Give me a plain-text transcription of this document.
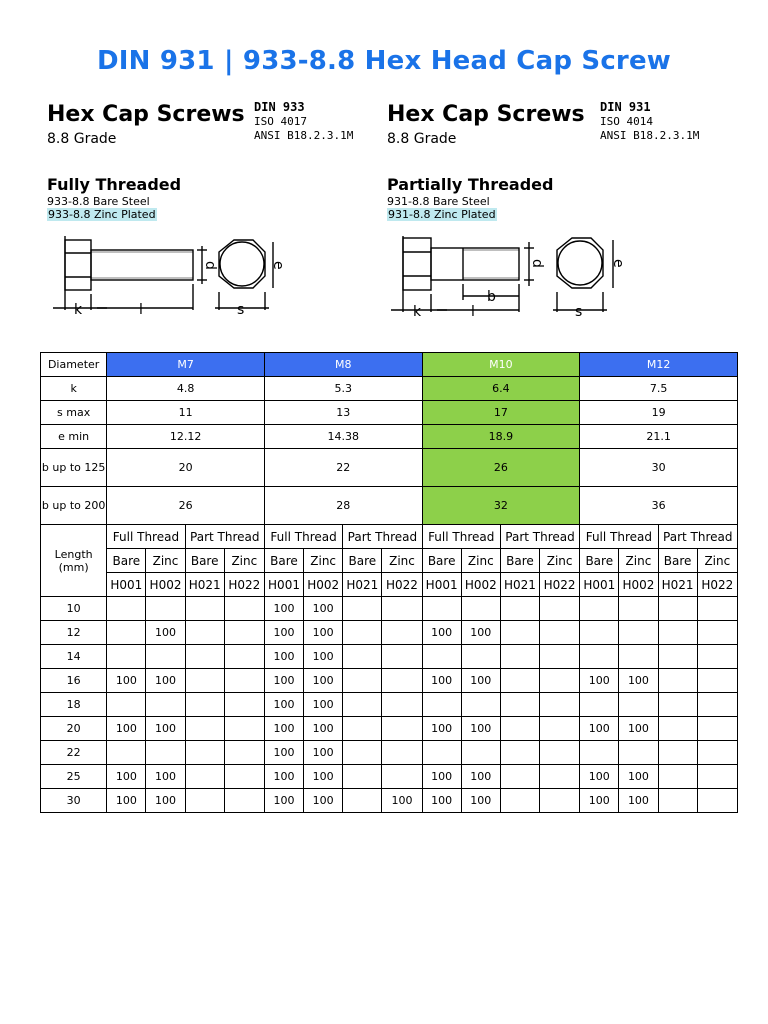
DIN 931 | 933-8.8 Hex Head Cap Screw
Hex Cap Screws
8.8 Grade
DIN 933
ISO 4017
ANSI B18.2.3.1M
Fully Threaded
933-8.8 Bare Steel
933-8.8 Zinc Plated
k	l
d
s
e
Hex Cap Screws
8.8 Grade
DIN 931
ISO 4014
ANSI B18.2.3.1M
Partially Threaded
931-8.8 Bare Steel
931-8.8 Zinc Plated
k	l
b
d
s
e
Diameter	M7				M8				M10				M12			
k	4.8				5.3				6.4				7.5			
s max	11				13				17				19			
e min	12.12				14.38				18.9				21.1			
b up to 125	20				22				26				30			
b up to 200	26				28				32				36			
Length (mm)	Full Thread		Part Thread		Full Thread		Part Thread		Full Thread		Part Thread		Full Thread		Part Thread	
	Bare	Zinc	Bare	Zinc	Bare	Zinc	Bare	Zinc	Bare	Zinc	Bare	Zinc	Bare	Zinc	Bare	Zinc
	H001	H002	H021	H022	H001	H002	H021	H022	H001	H002	H021	H022	H001	H002	H021	H022
10					100	100										
12		100			100	100			100	100						
14					100	100										
16	100	100			100	100			100	100			100	100		
18					100	100										
20	100	100			100	100			100	100			100	100		
22					100	100										
25	100	100			100	100			100	100			100	100		
30	100	100			100	100		100	100	100			100	100		
